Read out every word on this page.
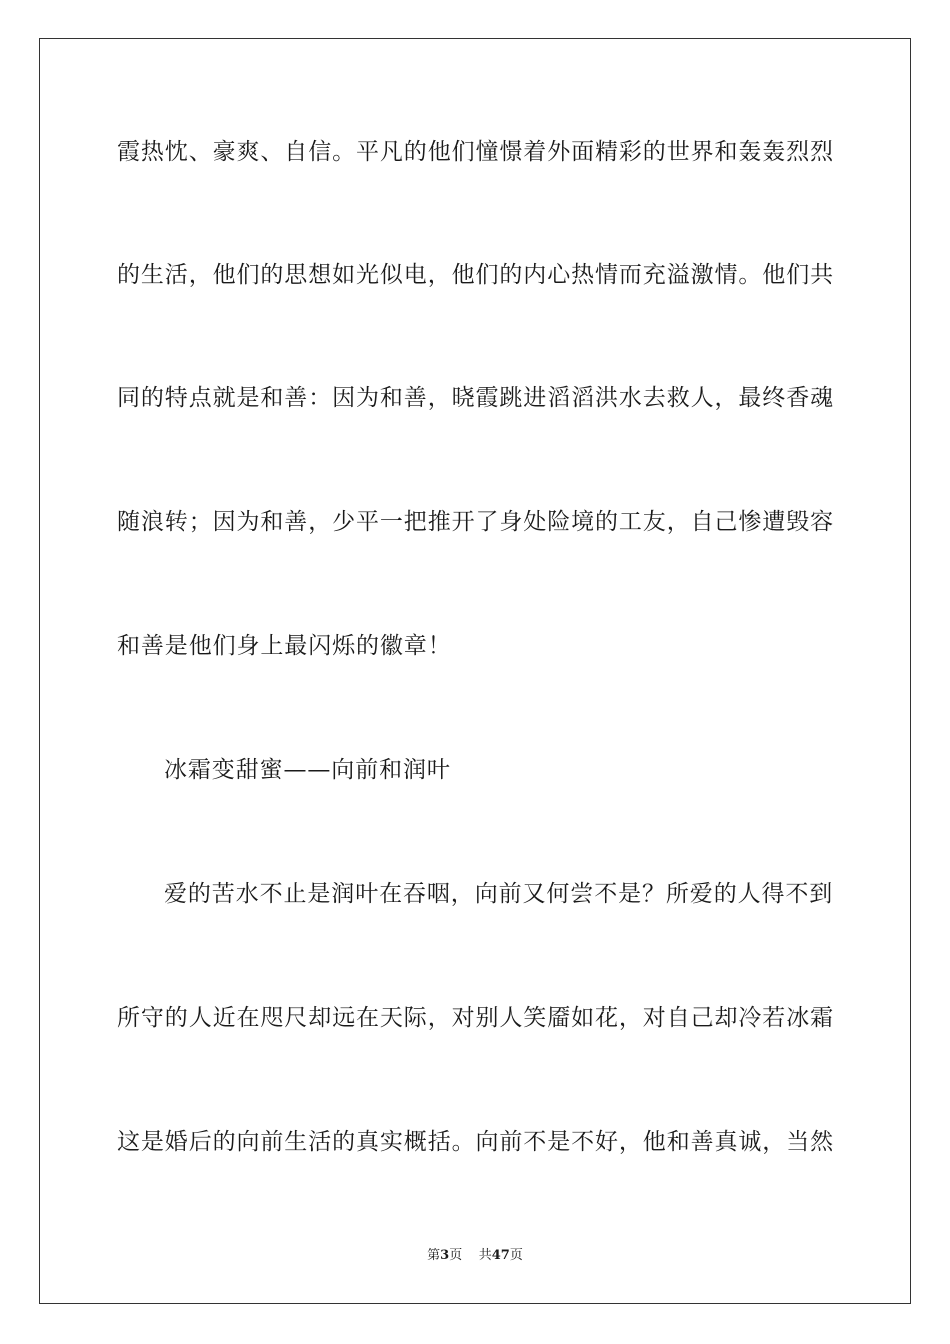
霞热忱、豪爽、自信。平凡的他们憧憬着外面精彩的世界和轰轰烈烈
的生活，他们的思想如光似电，他们的内心热情而充溢激情。他们共
同的特点就是和善：因为和善，晓霞跳进滔滔洪水去救人，最终香魂
随浪转；因为和善，少平一把推开了身处险境的工友，自己惨遭毁容
和善是他们身上最闪烁的徽章！
冰霜变甜蜜——向前和润叶
爱的苦水不止是润叶在吞咽，向前又何尝不是？所爱的人得不到
所守的人近在咫尺却远在天际，对别人笑靥如花，对自己却冷若冰霜
这是婚后的向前生活的真实概括。向前不是不好，他和善真诚，当然
第3页    共47页
